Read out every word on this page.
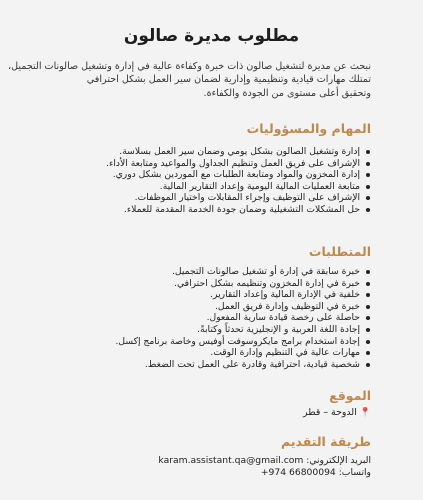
مطلوب مديرة صالون

نبحث عن مديرة لتشغيل صالون ذات خبرة وكفاءة عالية في إدارة وتشغيل صالونات التجميل،
تمتلك مهارات قيادية وتنظيمية وإدارية لضمان سير العمل بشكل احترافي
وتحقيق أعلى مستوى من الجودة والكفاءة.

المهام والمسؤوليات
إدارة وتشغيل الصالون بشكل يومي وضمان سير العمل بسلاسة.
الإشراف على فريق العمل وتنظيم الجداول والمواعيد ومتابعة الأداء.
إدارة المخزون والمواد ومتابعة الطلبات مع الموردين بشكل دوري.
متابعة العمليات المالية اليومية وإعداد التقارير المالية.
الإشراف على التوظيف وإجراء المقابلات واختيار الموظفات.
حل المشكلات التشغيلية وضمان جودة الخدمة المقدمة للعملاء.
المتطلبات
خبرة سابقة في إدارة أو تشغيل صالونات التجميل.
خبرة في إدارة المخزون وتنظيمه بشكل احترافي.
خلفية في الإدارة المالية وإعداد التقارير.
خبرة في التوظيف وإدارة فريق العمل.
حاصلة على رخصة قيادة سارية المفعول.
إجادة اللغة العربية و الإنجليزية تحدثاً وكتابةً.
إجادة استخدام برامج مايكروسوفت أوفيس وخاصة برنامج إكسل.
مهارات عالية في التنظيم وإدارة الوقت.
شخصية قيادية، احترافية وقادرة على العمل تحت الضغط.
الموقع
📍الدوحة – قطر
طريقة التقديم
البريد الإلكتروني: karam.assistant.qa@gmail.com
واتساب: +974 66800094
